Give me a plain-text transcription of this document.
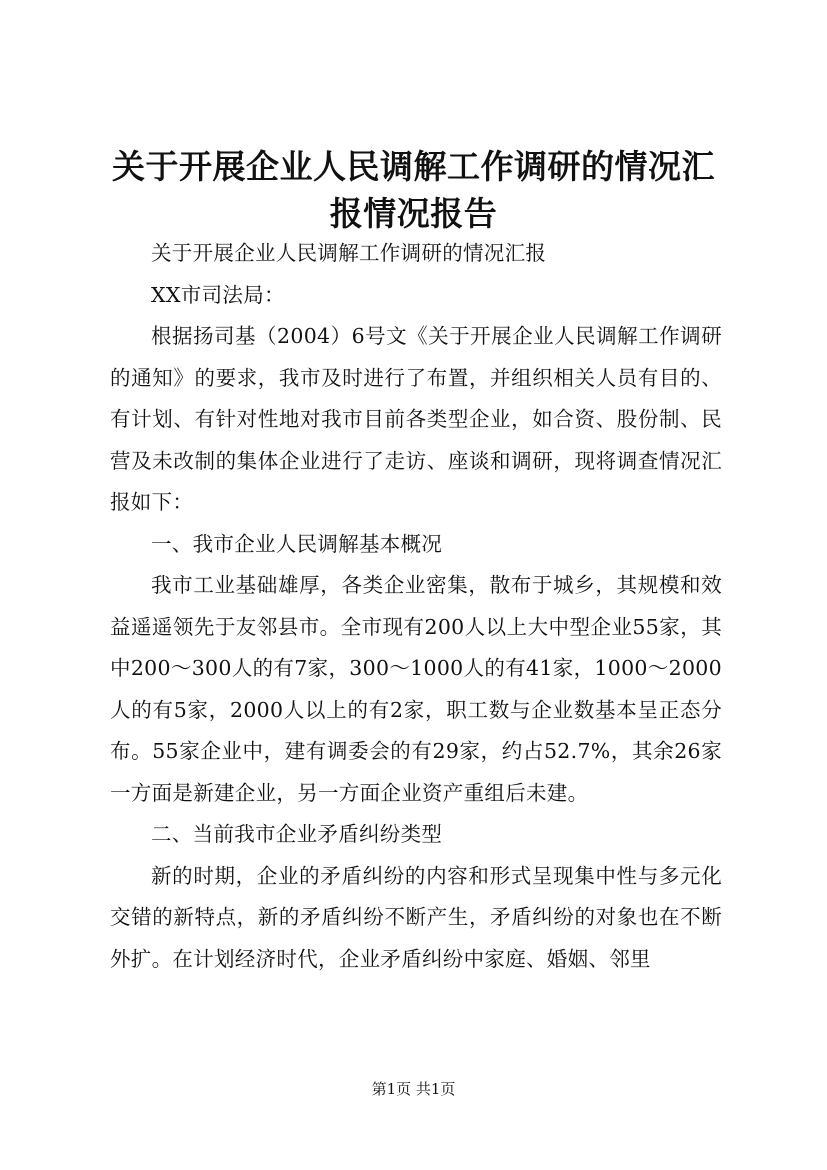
关于开展企业人民调解工作调研的情况汇报情况报告

关于开展企业人民调解工作调研的情况汇报

XX市司法局：

根据扬司基（2004）6号文《关于开展企业人民调解工作调研的通知》的要求，我市及时进行了布置，并组织相关人员有目的、有计划、有针对性地对我市目前各类型企业，如合资、股份制、民营及未改制的集体企业进行了走访、座谈和调研，现将调查情况汇报如下：

一、我市企业人民调解基本概况

我市工业基础雄厚，各类企业密集，散布于城乡，其规模和效益遥遥领先于友邻县市。全市现有200人以上大中型企业55家，其中200～300人的有7家，300～1000人的有41家，1000～2000人的有5家，2000人以上的有2家，职工数与企业数基本呈正态分布。55家企业中，建有调委会的有29家，约占52.7%，其余26家一方面是新建企业，另一方面企业资产重组后未建。

二、当前我市企业矛盾纠纷类型

新的时期，企业的矛盾纠纷的内容和形式呈现集中性与多元化交错的新特点，新的矛盾纠纷不断产生，矛盾纠纷的对象也在不断外扩。在计划经济时代，企业矛盾纠纷中家庭、婚姻、邻里

第1页 共1页
